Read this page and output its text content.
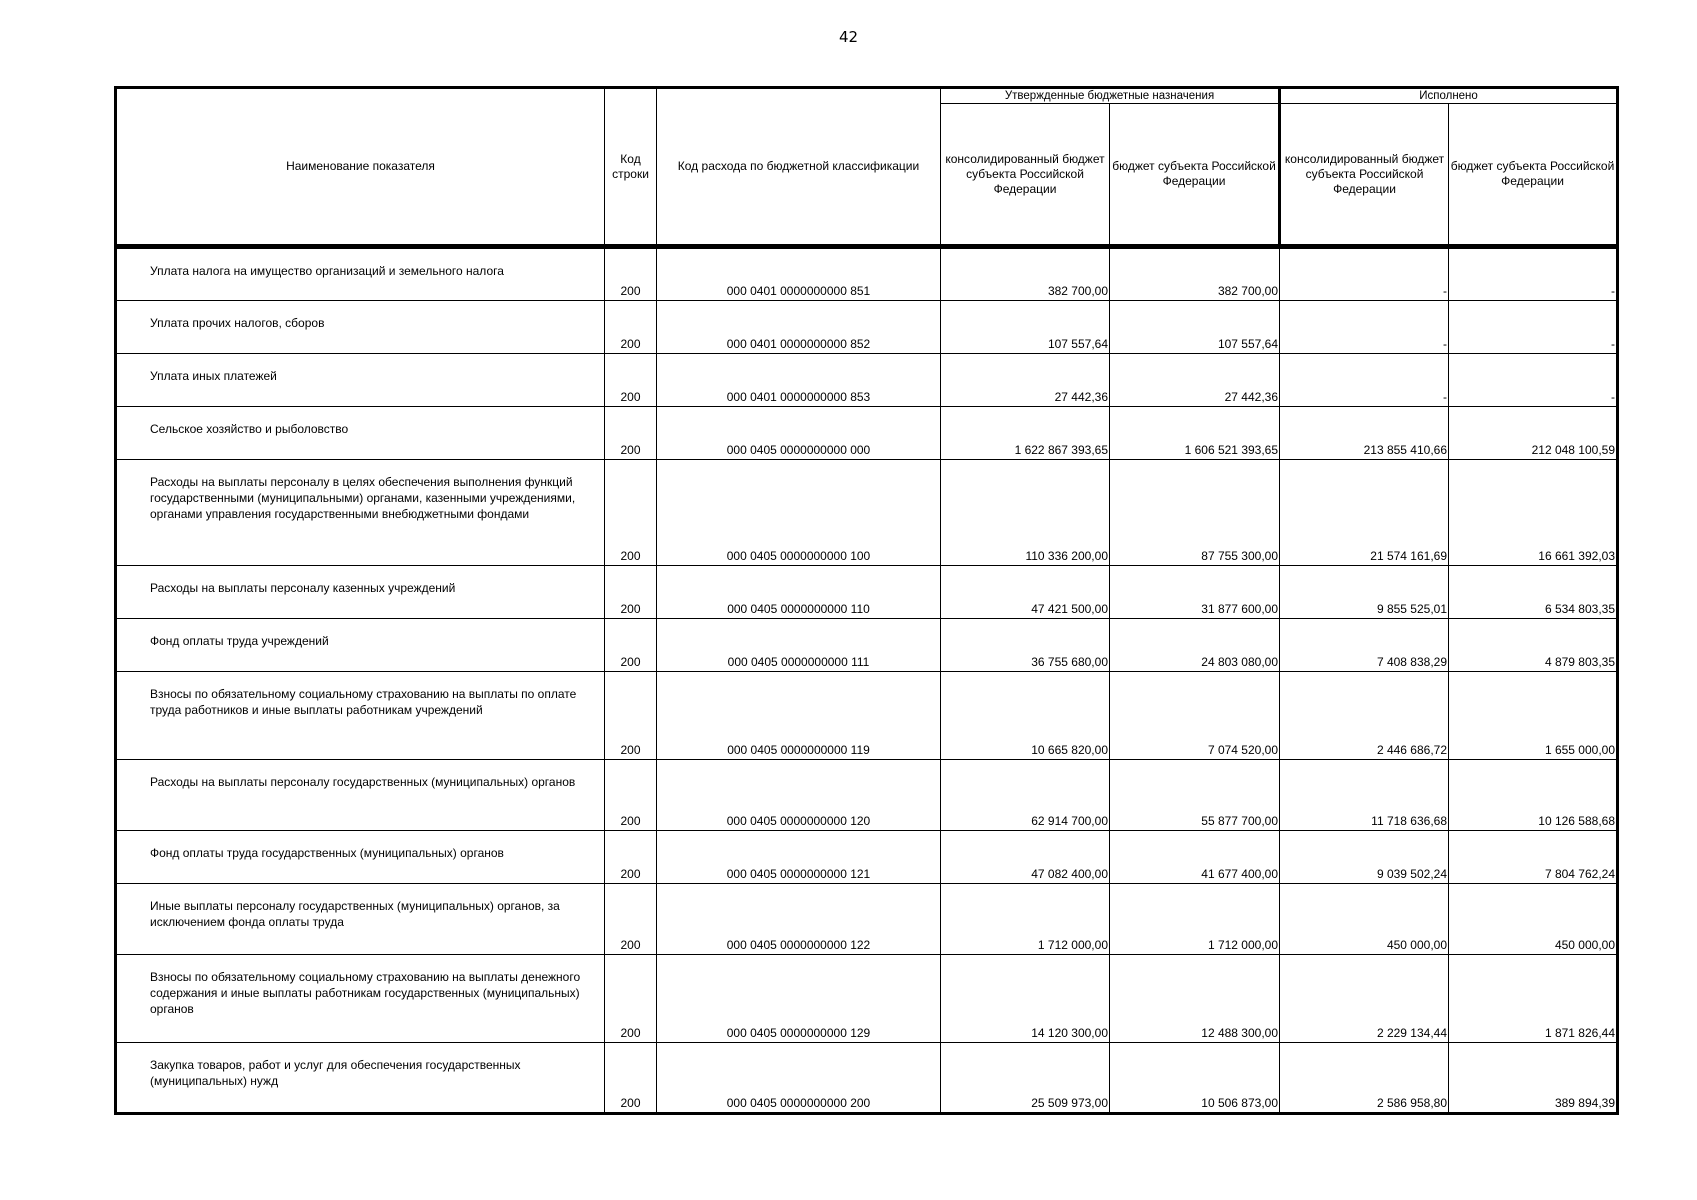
42
Наименование показателя	Код строки	Код расхода по бюджетной классификации	Утвержденные бюджетные назначения		Исполнено	
			консолидированный бюджет субъекта Российской Федерации	бюджет субъекта Российской Федерации	консолидированный бюджет субъекта Российской Федерации	бюджет субъекта Российской Федерации
Уплата налога на имущество организаций и земельного налога	200	000 0401 0000000000 851	382 700,00	382 700,00	-	-
Уплата прочих налогов, сборов	200	000 0401 0000000000 852	107 557,64	107 557,64	-	-
Уплата иных платежей	200	000 0401 0000000000 853	27 442,36	27 442,36	-	-
Сельское хозяйство и рыболовство	200	000 0405 0000000000 000	1 622 867 393,65	1 606 521 393,65	213 855 410,66	212 048 100,59
Расходы на выплаты персоналу в целях обеспечения выполнения функций государственными (муниципальными) органами, казенными учреждениями, органами управления государственными внебюджетными фондами	200	000 0405 0000000000 100	110 336 200,00	87 755 300,00	21 574 161,69	16 661 392,03
Расходы на выплаты персоналу казенных учреждений	200	000 0405 0000000000 110	47 421 500,00	31 877 600,00	9 855 525,01	6 534 803,35
Фонд оплаты труда учреждений	200	000 0405 0000000000 111	36 755 680,00	24 803 080,00	7 408 838,29	4 879 803,35
Взносы по обязательному социальному страхованию на выплаты по оплате труда работников и иные выплаты работникам учреждений	200	000 0405 0000000000 119	10 665 820,00	7 074 520,00	2 446 686,72	1 655 000,00
Расходы на выплаты персоналу государственных (муниципальных) органов	200	000 0405 0000000000 120	62 914 700,00	55 877 700,00	11 718 636,68	10 126 588,68
Фонд оплаты труда государственных (муниципальных) органов	200	000 0405 0000000000 121	47 082 400,00	41 677 400,00	9 039 502,24	7 804 762,24
Иные выплаты персоналу государственных (муниципальных) органов, за исключением фонда оплаты труда	200	000 0405 0000000000 122	1 712 000,00	1 712 000,00	450 000,00	450 000,00
Взносы по обязательному социальному страхованию на выплаты денежного содержания и иные выплаты работникам государственных (муниципальных) органов	200	000 0405 0000000000 129	14 120 300,00	12 488 300,00	2 229 134,44	1 871 826,44
Закупка товаров, работ и услуг для обеспечения государственных (муниципальных) нужд	200	000 0405 0000000000 200	25 509 973,00	10 506 873,00	2 586 958,80	389 894,39
